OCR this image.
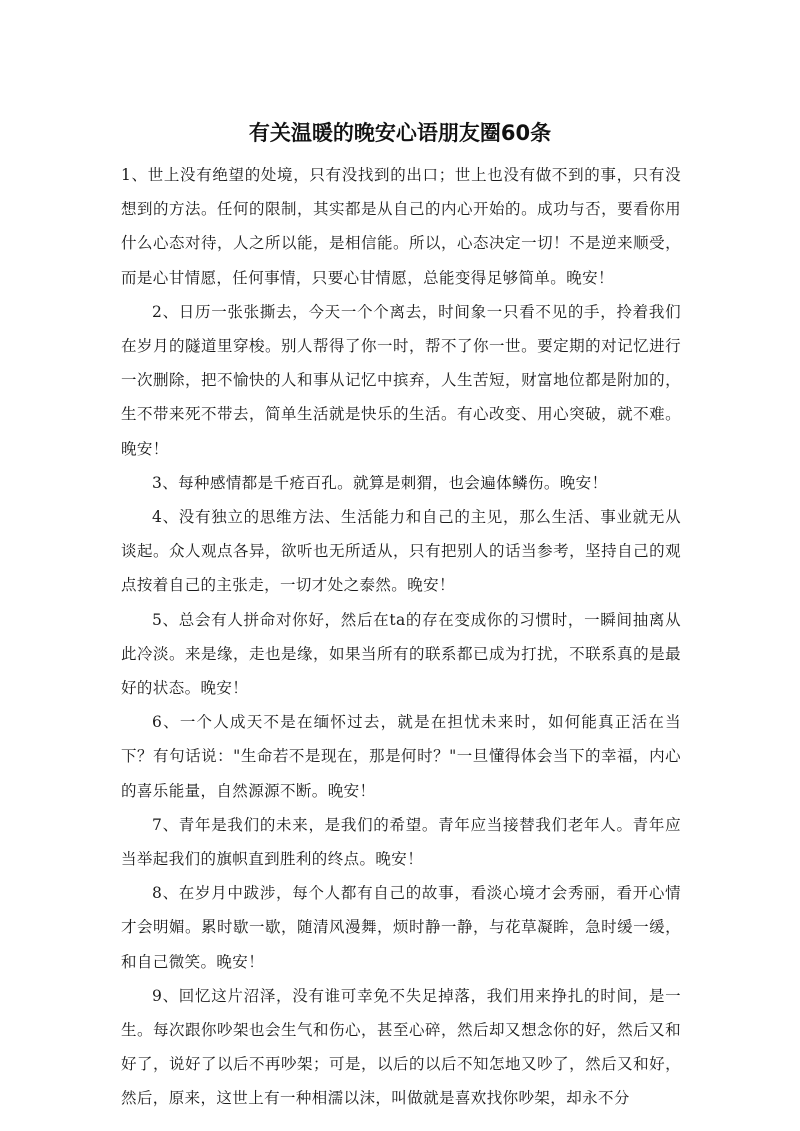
有关温暖的晚安心语朋友圈60条

1、世上没有绝望的处境，只有没找到的出口；世上也没有做不到的事，只有没想到的方法。任何的限制，其实都是从自己的内心开始的。成功与否，要看你用什么心态对待，人之所以能，是相信能。所以，心态决定一切！不是逆来顺受，而是心甘情愿，任何事情，只要心甘情愿，总能变得足够简单。晚安！

2、日历一张张撕去，今天一个个离去，时间象一只看不见的手，拎着我们在岁月的隧道里穿梭。别人帮得了你一时，帮不了你一世。要定期的对记忆进行一次删除，把不愉快的人和事从记忆中摈弃，人生苦短，财富地位都是附加的，生不带来死不带去，简单生活就是快乐的生活。有心改变、用心突破，就不难。晚安！

3、每种感情都是千疮百孔。就算是刺猬，也会遍体鳞伤。晚安！

4、没有独立的思维方法、生活能力和自己的主见，那么生活、事业就无从谈起。众人观点各异，欲听也无所适从，只有把别人的话当参考，坚持自己的观点按着自己的主张走，一切才处之泰然。晚安！

5、总会有人拼命对你好，然后在ta的存在变成你的习惯时，一瞬间抽离从此冷淡。来是缘，走也是缘，如果当所有的联系都已成为打扰，不联系真的是最好的状态。晚安！

6、一个人成天不是在缅怀过去，就是在担忧未来时，如何能真正活在当下？有句话说："生命若不是现在，那是何时？"一旦懂得体会当下的幸福，内心的喜乐能量，自然源源不断。晚安！

7、青年是我们的未来，是我们的希望。青年应当接替我们老年人。青年应当举起我们的旗帜直到胜利的终点。晚安！

8、在岁月中跋涉，每个人都有自己的故事，看淡心境才会秀丽，看开心情才会明媚。累时歇一歇，随清风漫舞，烦时静一静，与花草凝眸，急时缓一缓，和自己微笑。晚安！

9、回忆这片沼泽，没有谁可幸免不失足掉落，我们用来挣扎的时间，是一生。每次跟你吵架也会生气和伤心，甚至心碎，然后却又想念你的好，然后又和好了，说好了以后不再吵架；可是，以后的以后不知怎地又吵了，然后又和好，然后，原来，这世上有一种相濡以沫，叫做就是喜欢找你吵架，却永不分
